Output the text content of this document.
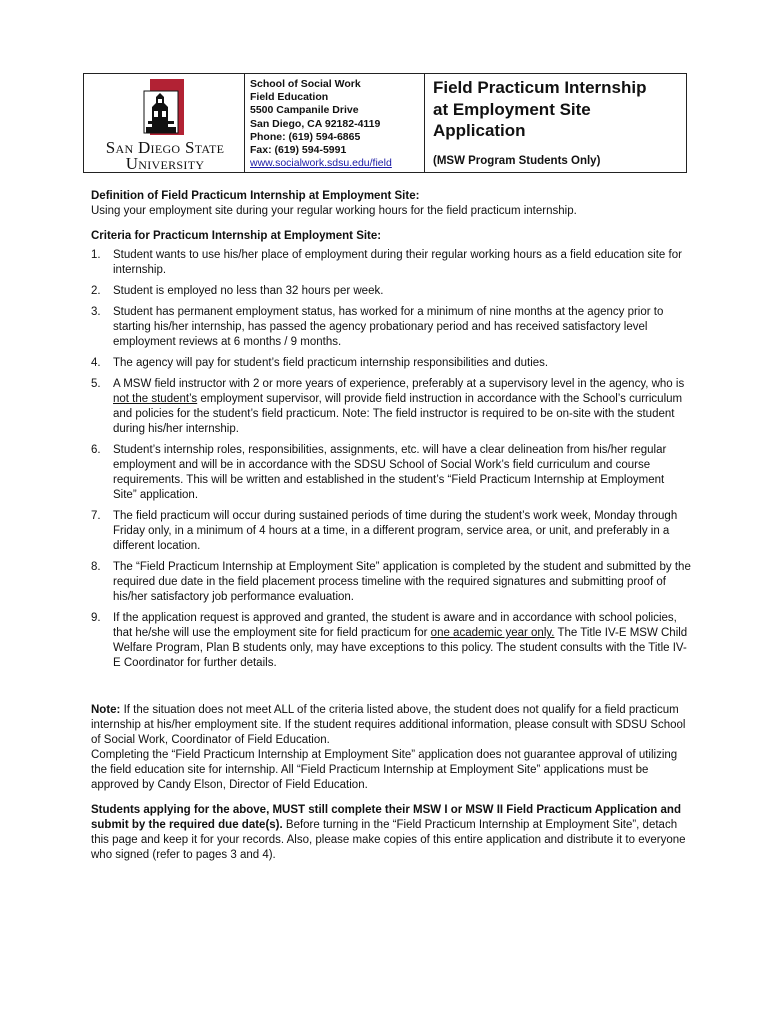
San Diego State
University
School of Social Work
Field Education
5500 Campanile Drive
San Diego, CA 92182-4119
Phone: (619) 594-6865
Fax: (619) 594-5991
www.socialwork.sdsu.edu/field
Field Practicum Internship
at Employment Site
Application
(MSW Program Students Only)
Definition of Field Practicum Internship at Employment Site:

Using your employment site during your regular working hours for the field practicum internship.

Criteria for Practicum Internship at Employment Site:
1. Student wants to use his/her place of employment during their regular working hours as a field education site for internship.
2. Student is employed no less than 32 hours per week.
3. Student has permanent employment status, has worked for a minimum of nine months at the agency prior to starting his/her internship, has passed the agency probationary period and has received satisfactory level employment reviews at 6 months / 9 months.
4. The agency will pay for student’s field practicum internship responsibilities and duties.
5. A MSW field instructor with 2 or more years of experience, preferably at a supervisory level in the agency, who is not the student’s employment supervisor, will provide field instruction in accordance with the School’s curriculum and policies for the student’s field practicum. Note: The field instructor is required to be on-site with the student during his/her internship.
6. Student’s internship roles, responsibilities, assignments, etc. will have a clear delineation from his/her regular employment and will be in accordance with the SDSU School of Social Work’s field curriculum and course requirements. This will be written and established in the student’s “Field Practicum Internship at Employment Site” application.
7. The field practicum will occur during sustained periods of time during the student’s work week, Monday through Friday only, in a minimum of 4 hours at a time, in a different program, service area, or unit, and preferably in a different location.
8. The “Field Practicum Internship at Employment Site” application is completed by the student and submitted by the required due date in the field placement process timeline with the required signatures and submitting proof of his/her satisfactory job performance evaluation.
9. If the application request is approved and granted, the student is aware and in accordance with school policies, that he/she will use the employment site for field practicum for one academic year only. The Title IV-E MSW Child Welfare Program, Plan B students only, may have exceptions to this policy. The student consults with the Title IV-E Coordinator for further details.

Note: If the situation does not meet ALL of the criteria listed above, the student does not qualify for a field practicum internship at his/her employment site. If the student requires additional information, please consult with SDSU School of Social Work, Coordinator of Field Education.

Completing the “Field Practicum Internship at Employment Site” application does not guarantee approval of utilizing the field education site for internship. All “Field Practicum Internship at Employment Site” applications must be approved by Candy Elson, Director of Field Education.

Students applying for the above, MUST still complete their MSW I or MSW II Field Practicum Application and submit by the required due date(s). Before turning in the “Field Practicum Internship at Employment Site”, detach this page and keep it for your records. Also, please make copies of this entire application and distribute it to everyone who signed (refer to pages 3 and 4).
